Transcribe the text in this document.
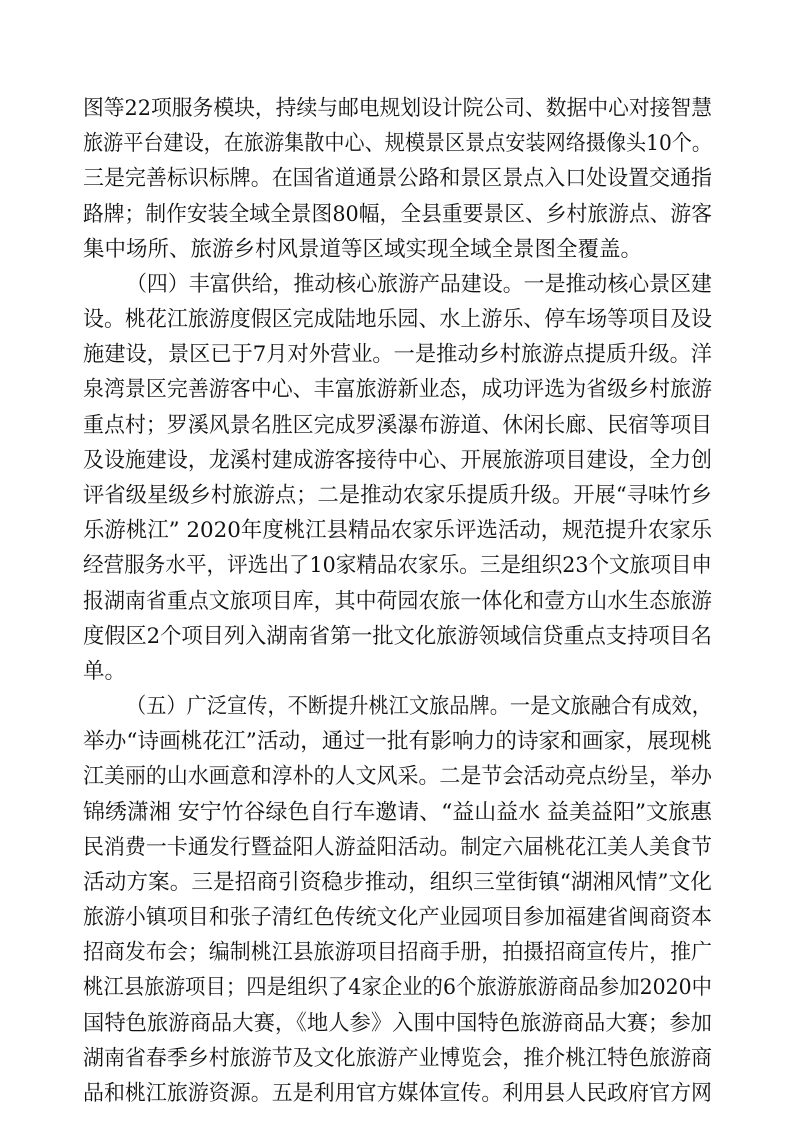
图等22项服务模块，持续与邮电规划设计院公司、数据中心对接智慧
旅游平台建设，在旅游集散中心、规模景区景点安装网络摄像头10个。
三是完善标识标牌。在国省道通景公路和景区景点入口处设置交通指
路牌；制作安装全域全景图80幅，全县重要景区、乡村旅游点、游客
集中场所、旅游乡村风景道等区域实现全域全景图全覆盖。
（四）丰富供给，推动核心旅游产品建设。一是推动核心景区建
设。桃花江旅游度假区完成陆地乐园、水上游乐、停车场等项目及设
施建设，景区已于7月对外营业。一是推动乡村旅游点提质升级。洋
泉湾景区完善游客中心、丰富旅游新业态，成功评选为省级乡村旅游
重点村；罗溪风景名胜区完成罗溪瀑布游道、休闲长廊、民宿等项目
及设施建设，龙溪村建成游客接待中心、开展旅游项目建设，全力创
评省级星级乡村旅游点；二是推动农家乐提质升级。开展“寻味竹乡
乐游桃江” 2020年度桃江县精品农家乐评选活动，规范提升农家乐
经营服务水平，评选出了10家精品农家乐。三是组织23个文旅项目申
报湖南省重点文旅项目库，其中荷园农旅一体化和壹方山水生态旅游
度假区2个项目列入湖南省第一批文化旅游领域信贷重点支持项目名
单。
（五）广泛宣传，不断提升桃江文旅品牌。一是文旅融合有成效，
举办“诗画桃花江”活动，通过一批有影响力的诗家和画家，展现桃
江美丽的山水画意和淳朴的人文风采。二是节会活动亮点纷呈，举办
锦绣潇湘 安宁竹谷绿色自行车邀请、“益山益水 益美益阳”文旅惠
民消费一卡通发行暨益阳人游益阳活动。制定六届桃花江美人美食节
活动方案。三是招商引资稳步推动，组织三堂街镇“湖湘风情”文化
旅游小镇项目和张子清红色传统文化产业园项目参加福建省闽商资本
招商发布会；编制桃江县旅游项目招商手册，拍摄招商宣传片，推广
桃江县旅游项目；四是组织了4家企业的6个旅游旅游商品参加2020中
国特色旅游商品大赛，《地人参》入围中国特色旅游商品大赛；参加
湖南省春季乡村旅游节及文化旅游产业博览会，推介桃江特色旅游商
品和桃江旅游资源。五是利用官方媒体宣传。利用县人民政府官方网
